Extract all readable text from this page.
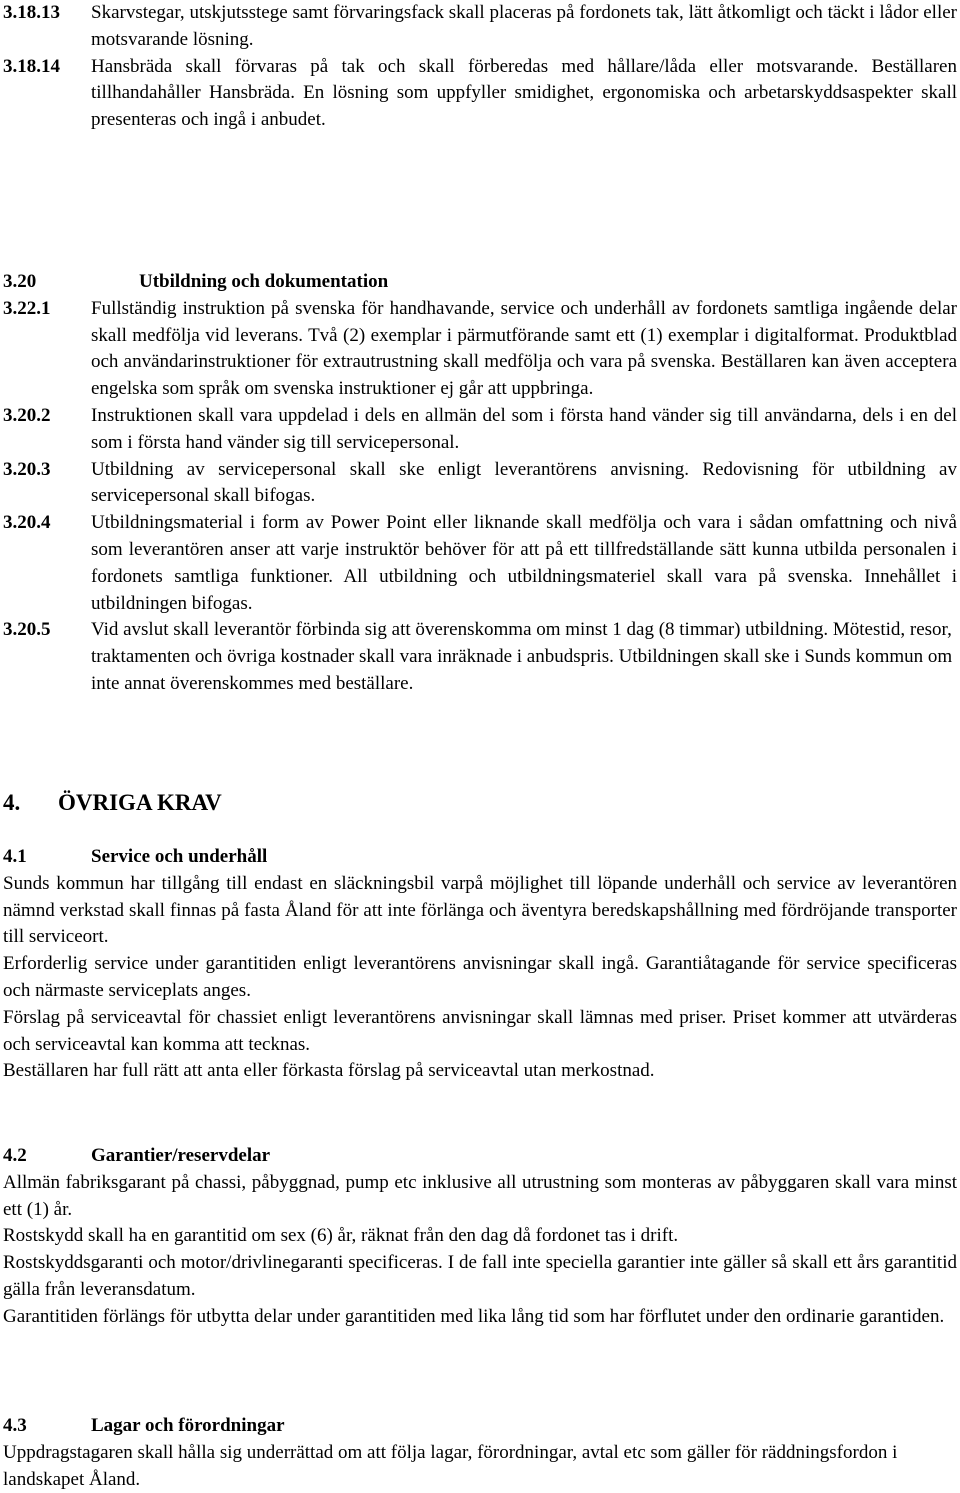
3.18.13	Skarvstegar, utskjutsstege samt förvaringsfack skall placeras på fordonets tak, lätt åtkomligt och täckt i lådor eller motsvarande lösning.
3.18.14	Hansbräda skall förvaras på tak och skall förberedas med hållare/låda eller motsvarande. Beställaren tillhandahåller Hansbräda. En lösning som uppfyller smidighet, ergonomiska och arbetarskyddsaspekter skall presenteras och ingå i anbudet.
3.20	Utbildning och dokumentation
3.22.1	Fullständig instruktion på svenska för handhavande, service och underhåll av fordonets samtliga ingående delar skall medfölja vid leverans. Två (2) exemplar i pärmutförande samt ett (1) exemplar i digitalformat. Produktblad och användarinstruktioner för extrautrustning skall medfölja och vara på svenska. Beställaren kan även acceptera engelska som språk om svenska instruktioner ej går att uppbringa.
3.20.2	Instruktionen skall vara uppdelad i dels en allmän del som i första hand vänder sig till användarna, dels i en del som i första hand vänder sig till servicepersonal.
3.20.3	Utbildning av servicepersonal skall ske enligt leverantörens anvisning. Redovisning för utbildning av servicepersonal skall bifogas.
3.20.4	Utbildningsmaterial i form av Power Point eller liknande skall medfölja och vara i sådan omfattning och nivå som leverantören anser att varje instruktör behöver för att på ett tillfredställande sätt kunna utbilda personalen i fordonets samtliga funktioner. All utbildning och utbildningsmateriel skall vara på svenska. Innehållet i utbildningen bifogas.
3.20.5	Vid avslut skall leverantör förbinda sig att överenskomma om minst 1 dag (8 timmar) utbildning. Mötestid, resor, traktamenten och övriga kostnader skall vara inräknade i anbudspris. Utbildningen skall ske i Sunds kommun om inte annat överenskommes med beställare.
4.	ÖVRIGA KRAV
4.1	Service och underhåll
Sunds kommun har tillgång till endast en släckningsbil varpå möjlighet till löpande underhåll och service av leverantören nämnd verkstad skall finnas på fasta Åland för att inte förlänga och äventyra beredskapshållning med fördröjande transporter till serviceort.
Erforderlig service under garantitiden enligt leverantörens anvisningar skall ingå. Garantiåtagande för service specificeras och närmaste serviceplats anges.
Förslag på serviceavtal för chassiet enligt leverantörens anvisningar skall lämnas med priser. Priset kommer att utvärderas och serviceavtal kan komma att tecknas.
Beställaren har full rätt att anta eller förkasta förslag på serviceavtal utan merkostnad.
4.2	Garantier/reservdelar
Allmän fabriksgarant på chassi, påbyggnad, pump etc inklusive all utrustning som monteras av påbyggaren skall vara minst ett (1) år.
Rostskydd skall ha en garantitid om sex (6) år, räknat från den dag då fordonet tas i drift.
Rostskyddsgaranti och motor/drivlinegaranti specificeras. I de fall inte speciella garantier inte gäller så skall ett års garantitid gälla från leveransdatum.
Garantitiden förlängs för utbytta delar under garantitiden med lika lång tid som har förflutet under den ordinarie garantiden.
4.3	Lagar och förordningar
Uppdragstagaren skall hålla sig underrättad om att följa lagar, förordningar, avtal etc som gäller för räddningsfordon i landskapet Åland.
